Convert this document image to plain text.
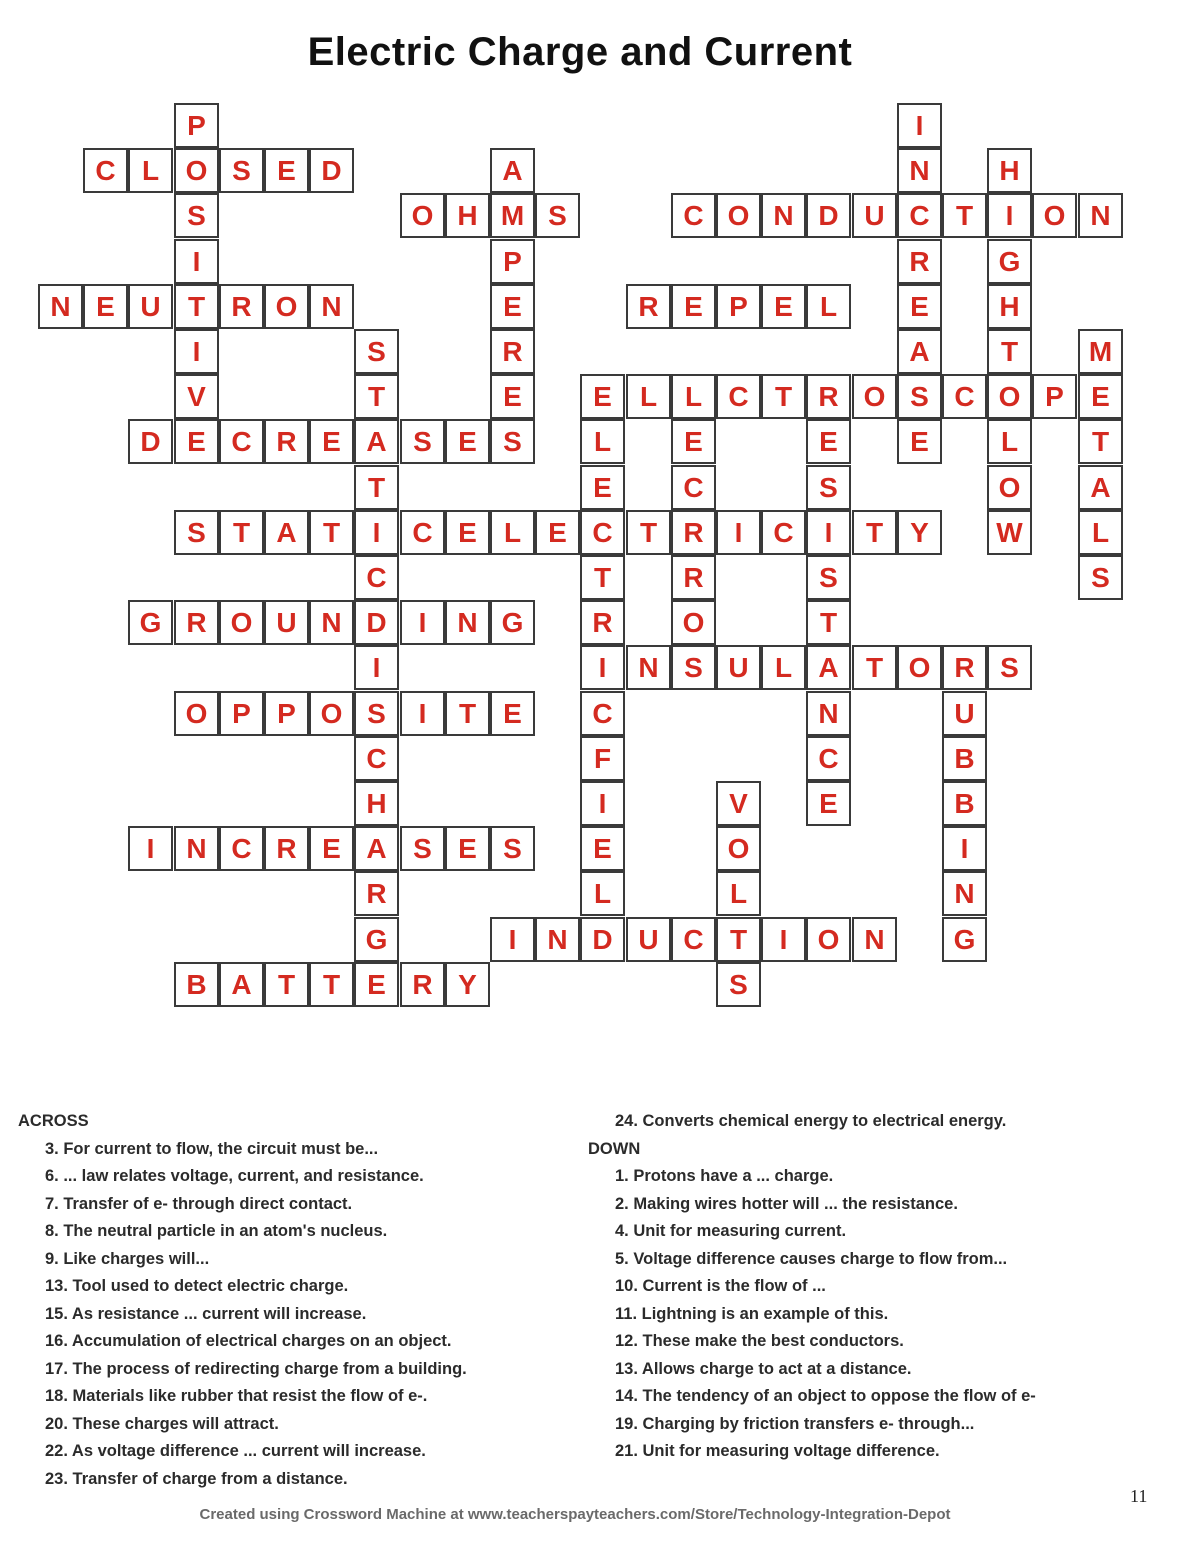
Electric Charge and Current
P
O
S
I
T
I
V
E
I
N
C
R
E
A
S
E
C L	S E D	A
M
P
E
R
E
S
H
I
G
H
T
O
L
O
W
O H	S	C O N D U	T	O N
N E U	R O N	R E P E L
S
T
A
T
I
C
D
I
S
C
H
A
R
G
E
M
E
T
A
L
S
E	L L C T R O	C	P
L
E
C
T
R
I
C
F
I
E
L
D
E
C
R
R
O
S
E
S
I
S
T
A
N
C
E
D	C R E	S E
S T A T	C E L E	T	I	C	T Y
G R O U N	I	N G
N	U L	T O R S
U
B
B
I
N
G
O P P O	I	T E
V
O
L
T
S
I	N C R E	S E S
I	N	U C	I	O N
B A T T	R Y
ACROSS
3. For current to flow, the circuit must be...
6. ... law relates voltage, current, and resistance.
7. Transfer of e- through direct contact.
8. The neutral particle in an atom's nucleus.
9. Like charges will...
13. Tool used to detect electric charge.
15. As resistance ... current will increase.
16. Accumulation of electrical charges on an object.
17. The process of redirecting charge from a building.
18. Materials like rubber that resist the flow of e-.
20. These charges will attract.
22. As voltage difference ... current will increase.
23. Transfer of charge from a distance.
24. Converts chemical energy to electrical energy.
DOWN
1. Protons have a ... charge.
2. Making wires hotter will ... the resistance.
4. Unit for measuring current.
5. Voltage difference causes charge to flow from...
10. Current is the flow of ...
11. Lightning is an example of this.
12. These make the best conductors.
13. Allows charge to act at a distance.
14. The tendency of an object to oppose the flow of e-
19. Charging by friction transfers e- through...
21. Unit for measuring voltage difference.
11
Created using Crossword Machine at www.teacherspayteachers.com/Store/Technology-Integration-Depot
